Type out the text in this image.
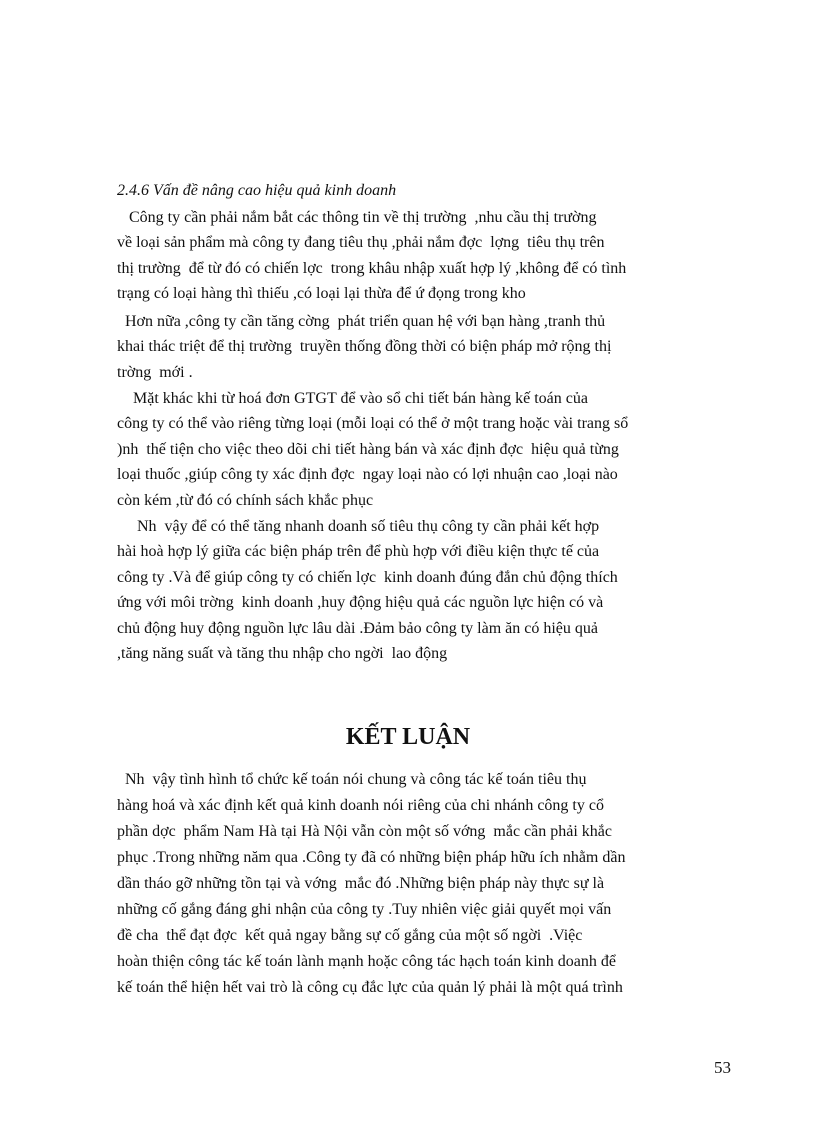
2.4.6 Vấn đề nâng cao hiệu quả kinh doanh
Công ty cần phải nắm bắt các thông tin về thị trường  ,nhu cầu thị trường
về loại sản phẩm mà công ty đang tiêu thụ ,phải nắm đợc  lợng  tiêu thụ trên
thị trường  để từ đó có chiến lợc  trong khâu nhập xuất hợp lý ,không để có tình
trạng có loại hàng thì thiếu ,có loại lại thừa để ứ đọng trong kho
Hơn nữa ,công ty cần tăng cờng  phát triển quan hệ với bạn hàng ,tranh thủ
khai thác triệt để thị trường  truyền thống đồng thời có biện pháp mở rộng thị
trờng  mới .
Mặt khác khi từ hoá đơn GTGT để vào sổ chi tiết bán hàng kế toán của
công ty có thể vào riêng từng loại (mỗi loại có thể ở một trang hoặc vài trang sổ
)nh  thế tiện cho việc theo dõi chi tiết hàng bán và xác định đợc  hiệu quả từng
loại thuốc ,giúp công ty xác định đợc  ngay loại nào có lợi nhuận cao ,loại nào
còn kém ,từ đó có chính sách khắc phục
Nh  vậy để có thể tăng nhanh doanh số tiêu thụ công ty cần phải kết hợp
hài hoà hợp lý giữa các biện pháp trên để phù hợp với điều kiện thực tế của
công ty .Và để giúp công ty có chiến lợc  kinh doanh đúng đắn chủ động thích
ứng với môi trờng  kinh doanh ,huy động hiệu quả các nguồn lực hiện có và
chủ động huy động nguồn lực lâu dài .Đảm bảo công ty làm ăn có hiệu quả
,tăng năng suất và tăng thu nhập cho ngời  lao động
KẾT LUẬN
Nh  vậy tình hình tổ chức kế toán nói chung và công tác kế toán tiêu thụ
hàng hoá và xác định kết quả kinh doanh nói riêng của chi nhánh công ty cổ
phần dợc  phẩm Nam Hà tại Hà Nội vẫn còn một số vớng  mắc cần phải khắc
phục .Trong những năm qua .Công ty đã có những biện pháp hữu ích nhằm dần
dần tháo gỡ những tồn tại và vớng  mắc đó .Những biện pháp này thực sự là
những cố gắng đáng ghi nhận của công ty .Tuy nhiên việc giải quyết mọi vấn
đề cha  thể đạt đợc  kết quả ngay bằng sự cố gắng của một số ngời  .Việc
hoàn thiện công tác kế toán lành mạnh hoặc công tác hạch toán kinh doanh để
kế toán thể hiện hết vai trò là công cụ đắc lực của quản lý phải là một quá trình
53
